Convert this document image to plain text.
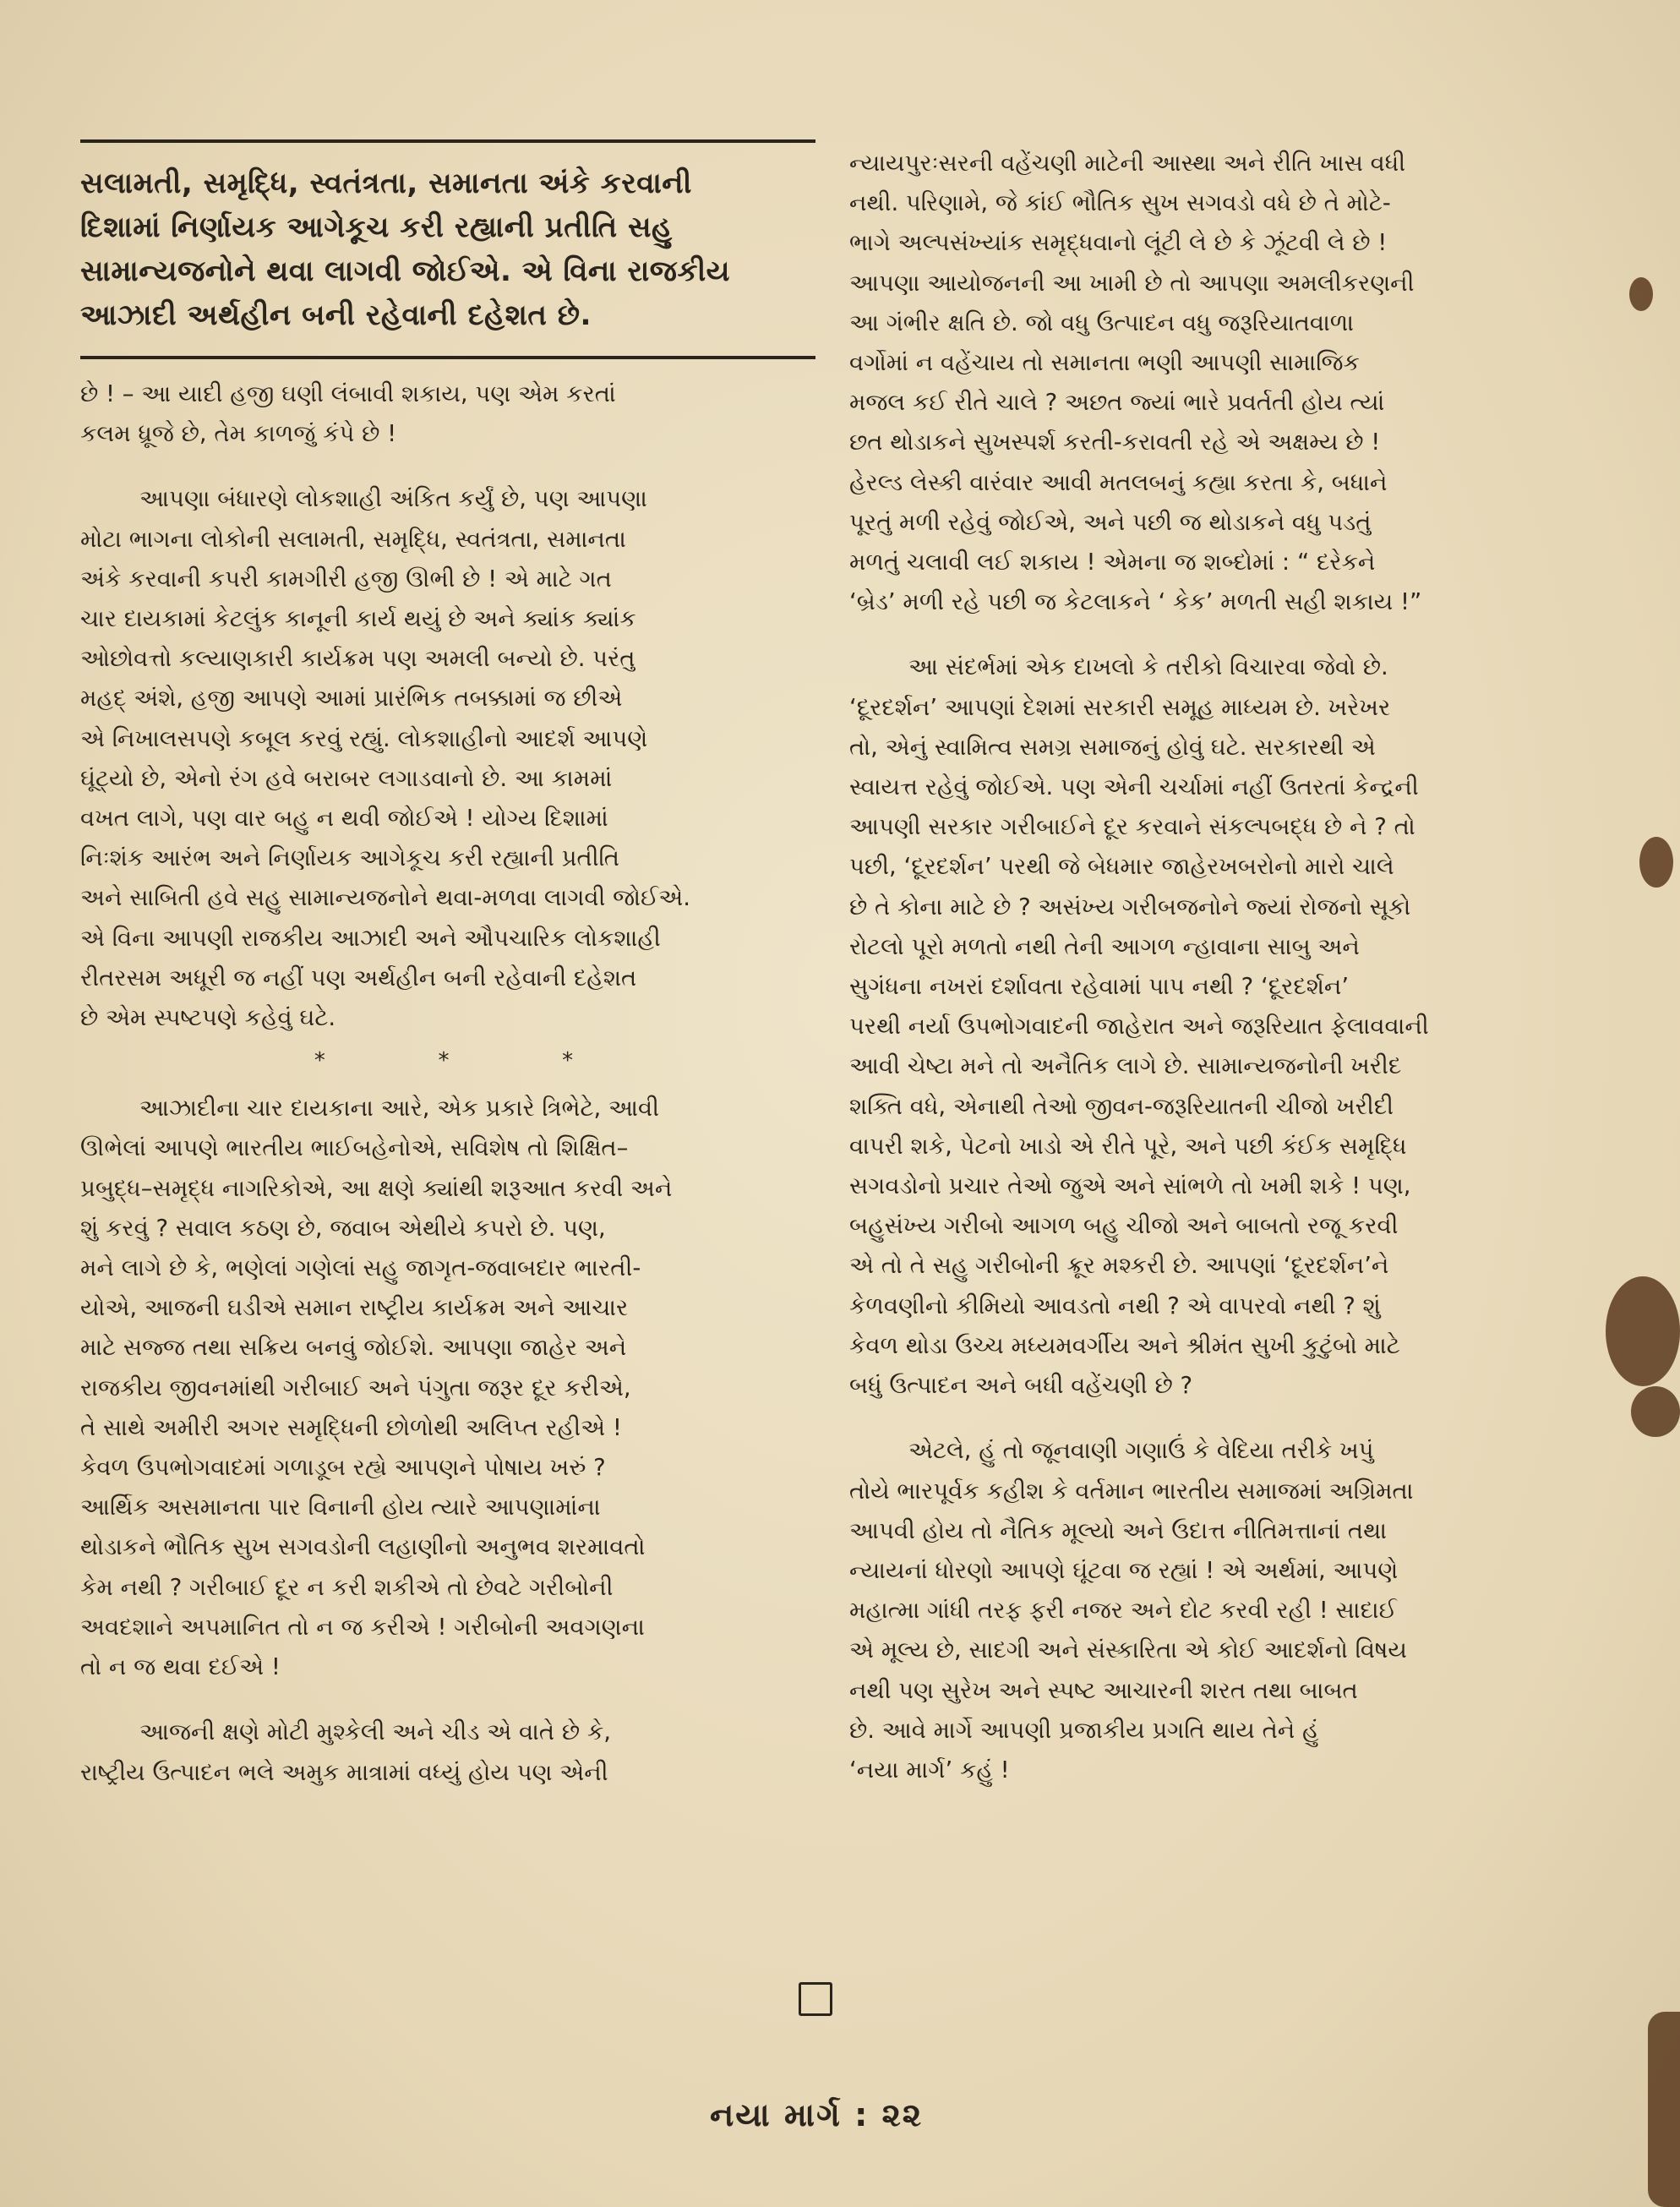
સલામતી, સમૃદ્ધિ, સ્વતંત્રતા, સમાનતા અંકે કરવાની
દિશામાં નિર્ણાયક આગેકૂચ કરી રહ્યાની પ્રતીતિ સહુ
સામાન્યજનોને થવા લાગવી જોઈએ. એ વિના રાજકીય
આઝાદી અર્થહીન બની રહેવાની દહેશત છે.
છે ! – આ યાદી હજી ઘણી લંબાવી શકાય, પણ એમ કરતાં
કલમ ધ્રૂજે છે, તેમ કાળજું કંપે છે !
આપણા બંધારણે લોકશાહી અંકિત કર્યું છે, પણ આપણા
મોટા ભાગના લોકોની સલામતી, સમૃદ્ધિ, સ્વતંત્રતા, સમાનતા
અંકે કરવાની કપરી કામગીરી હજી ઊભી છે ! એ માટે ગત
ચાર દાયકામાં કેટલુંક કાનૂની કાર્ય થયું છે અને ક્યાંક ક્યાંક
ઓછોવત્તો કલ્યાણકારી કાર્યક્રમ પણ અમલી બન્યો છે. પરંતુ
મહદ્ અંશે, હજી આપણે આમાં પ્રારંભિક તબક્કામાં જ છીએ
એ નિખાલસપણે કબૂલ કરવું રહ્યું. લોકશાહીનો આદર્શ આપણે
ઘૂંટ્યો છે, એનો રંગ હવે બરાબર લગાડવાનો છે. આ કામમાં
વખત લાગે, પણ વાર બહુ ન થવી જોઈએ ! યોગ્ય દિશામાં
નિઃશંક આરંભ અને નિર્ણાયક આગેકૂચ કરી રહ્યાની પ્રતીતિ
અને સાબિતી હવે સહુ સામાન્યજનોને થવા-મળવા લાગવી જોઈએ.
એ વિના આપણી રાજકીય આઝાદી અને ઔપચારિક લોકશાહી
રીતરસમ અધૂરી જ નહીં પણ અર્થહીન બની રહેવાની દહેશત
છે એમ સ્પષ્ટપણે કહેવું ઘટે.
*	*	*
આઝાદીના ચાર દાયકાના આરે, એક પ્રકારે ત્રિભેટે, આવી
ઊભેલાં આપણે ભારતીય ભાઈબહેનોએ, સવિશેષ તો શિક્ષિત–
પ્રબુદ્ધ–સમૃદ્ધ નાગરિકોએ, આ ક્ષણે ક્યાંથી શરૂઆત કરવી અને
શું કરવું ? સવાલ કઠણ છે, જવાબ એથીયે કપરો છે. પણ,
મને લાગે છે કે, ભણેલાં ગણેલાં સહુ જાગૃત-જવાબદાર ભારતી-
યોએ, આજની ઘડીએ સમાન રાષ્ટ્રીય કાર્યક્રમ અને આચાર
માટે સજ્જ તથા સક્રિય બનવું જોઈશે. આપણા જાહેર અને
રાજકીય જીવનમાંથી ગરીબાઈ અને પંગુતા જરૂર દૂર કરીએ,
તે સાથે અમીરી અગર સમૃદ્ધિની છોળોથી અલિપ્ત રહીએ !
કેવળ ઉપભોગવાદમાં ગળાડૂબ રહ્યે આપણને પોષાય ખરું ?
આર્થિક અસમાનતા પાર વિનાની હોય ત્યારે આપણામાંના
થોડાકને ભૌતિક સુખ સગવડોની લહાણીનો અનુભવ શરમાવતો
કેમ નથી ? ગરીબાઈ દૂર ન કરી શકીએ તો છેવટે ગરીબોની
અવદશાને અપમાનિત તો ન જ કરીએ ! ગરીબોની અવગણના
તો ન જ થવા દઈએ !
આજની ક્ષણે મોટી મુશ્કેલી અને ચીડ એ વાતે છે કે,
રાષ્ટ્રીય ઉત્પાદન ભલે અમુક માત્રામાં વધ્યું હોય પણ એની
ન્યાયપુરઃસરની વહેંચણી માટેની આસ્થા અને રીતિ ખાસ વધી
નથી. પરિણામે, જે કાંઈ ભૌતિક સુખ સગવડો વધે છે તે મોટે-
ભાગે અલ્પસંખ્યાંક સમૃદ્ધવાનો લૂંટી લે છે કે ઝૂંટવી લે છે !
આપણા આયોજનની આ ખામી છે તો આપણા અમલીકરણની
આ ગંભીર ક્ષતિ છે. જો વધુ ઉત્પાદન વધુ જરૂરિયાતવાળા
વર્ગોમાં ન વહેંચાય તો સમાનતા ભણી આપણી સામાજિક
મજલ કઈ રીતે ચાલે ? અછત જ્યાં ભારે પ્રવર્તતી હોય ત્યાં
છત થોડાકને સુખસ્પર્શ કરતી-કરાવતી રહે એ અક્ષમ્ય છે !
હેરલ્ડ લેસ્કી વારંવાર આવી મતલબનું કહ્યા કરતા કે, બધાને
પૂરતું મળી રહેવું જોઈએ, અને પછી જ થોડાકને વધુ પડતું
મળતું ચલાવી લઈ શકાય ! એમના જ શબ્દોમાં : “ દરેકને
‘બ્રેડ’ મળી રહે પછી જ કેટલાકને ‘ કેક’ મળતી સહી શકાય !”
આ સંદર્ભમાં એક દાખલો કે તરીકો વિચારવા જેવો છે.
‘દૂરદર્શન’ આપણાં દેશમાં સરકારી સમૂહ માધ્યમ છે. ખરેખર
તો, એનું સ્વામિત્વ સમગ્ર સમાજનું હોવું ઘટે. સરકારથી એ
સ્વાયત્ત રહેવું જોઈએ. પણ એની ચર્ચામાં નહીં ઉતરતાં કેન્દ્રની
આપણી સરકાર ગરીબાઈને દૂર કરવાને સંકલ્પબદ્ધ છે ને ? તો
પછી, ‘દૂરદર્શન’ પરથી જે બેધમાર જાહેરખબરોનો મારો ચાલે
છે તે કોના માટે છે ? અસંખ્ય ગરીબજનોને જ્યાં રોજનો સૂકો
રોટલો પૂરો મળતો નથી તેની આગળ ન્હાવાના સાબુ અને
સુગંધના નખરાં દર્શાવતા રહેવામાં પાપ નથી ? ‘દૂરદર્શન’
પરથી નર્યા ઉપભોગવાદની જાહેરાત અને જરૂરિયાત ફેલાવવાની
આવી ચેષ્ટા મને તો અનૈતિક લાગે છે. સામાન્યજનોની ખરીદ
શક્તિ વધે, એનાથી તેઓ જીવન-જરૂરિયાતની ચીજો ખરીદી
વાપરી શકે, પેટનો ખાડો એ રીતે પૂરે, અને પછી કંઈક સમૃદ્ધિ
સગવડોનો પ્રચાર તેઓ જુએ અને સાંભળે તો ખમી શકે ! પણ,
બહુસંખ્ય ગરીબો આગળ બહુ ચીજો અને બાબતો રજૂ કરવી
એ તો તે સહુ ગરીબોની ક્રૂર મશ્કરી છે. આપણાં ‘દૂરદર્શન’ને
કેળવણીનો કીમિયો આવડતો નથી ? એ વાપરવો નથી ? શું
કેવળ થોડા ઉચ્ચ મધ્યમવર્ગીય અને શ્રીમંત સુખી કુટુંબો માટે
બધું ઉત્પાદન અને બધી વહેંચણી છે ?
એટલે, હું તો જૂનવાણી ગણાઉં કે વેદિયા તરીકે ખપું
તોયે ભારપૂર્વક કહીશ કે વર્તમાન ભારતીય સમાજમાં અગ્રિમતા
આપવી હોય તો નૈતિક મૂલ્યો અને ઉદાત્ત નીતિમત્તાનાં તથા
ન્યાયનાં ધોરણો આપણે ઘૂંટવા જ રહ્યાં ! એ અર્થમાં, આપણે
મહાત્મા ગાંધી તરફ ફરી નજર અને દોટ કરવી રહી ! સાદાઈ
એ મૂલ્ય છે, સાદગી અને સંસ્કારિતા એ કોઈ આદર્શનો વિષય
નથી પણ સુરેખ અને સ્પષ્ટ આચારની શરત તથા બાબત
છે. આવે માર્ગે આપણી પ્રજાકીય પ્રગતિ થાય તેને હું
‘નયા માર્ગ’ કહું !
નયા માર્ગ : ૨૨
